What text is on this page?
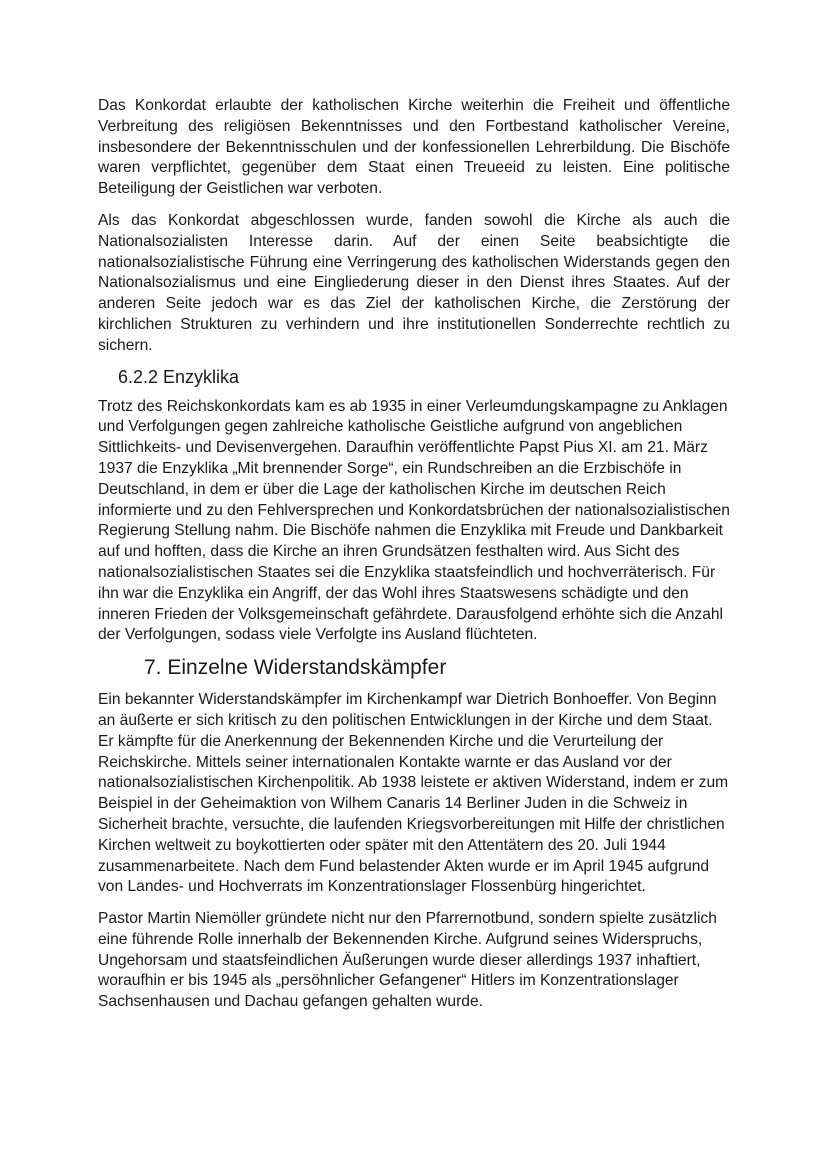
Das Konkordat erlaubte der katholischen Kirche weiterhin die Freiheit und öffentliche Verbreitung des religiösen Bekenntnisses und den Fortbestand katholischer Vereine, insbesondere der Bekenntnisschulen und der konfessionellen Lehrerbildung. Die Bischöfe waren verpflichtet, gegenüber dem Staat einen Treueeid zu leisten. Eine politische Beteiligung der Geistlichen war verboten.

Als das Konkordat abgeschlossen wurde, fanden sowohl die Kirche als auch die Nationalsozialisten Interesse darin. Auf der einen Seite beabsichtigte die nationalsozialistische Führung eine Verringerung des katholischen Widerstands gegen den Nationalsozialismus und eine Eingliederung dieser in den Dienst ihres Staates. Auf der anderen Seite jedoch war es das Ziel der katholischen Kirche, die Zerstörung der kirchlichen Strukturen zu verhindern und ihre institutionellen Sonderrechte rechtlich zu sichern.

6.2.2 Enzyklika

Trotz des Reichskonkordats kam es ab 1935 in einer Verleumdungskampagne zu Anklagen und Verfolgungen gegen zahlreiche katholische Geistliche aufgrund von angeblichen Sittlichkeits- und Devisenvergehen. Daraufhin veröffentlichte Papst Pius XI. am 21. März 1937 die Enzyklika „Mit brennender Sorge“, ein Rundschreiben an die Erzbischöfe in Deutschland, in dem er über die Lage der katholischen Kirche im deutschen Reich informierte und zu den Fehlversprechen und Konkordatsbrüchen der nationalsozialistischen Regierung Stellung nahm. Die Bischöfe nahmen die Enzyklika mit Freude und Dankbarkeit auf und hofften, dass die Kirche an ihren Grundsätzen festhalten wird. Aus Sicht des nationalsozialistischen Staates sei die Enzyklika staatsfeindlich und hochverräterisch. Für ihn war die Enzyklika ein Angriff, der das Wohl ihres Staatswesens schädigte und den inneren Frieden der Volksgemeinschaft gefährdete. Darausfolgend erhöhte sich die Anzahl der Verfolgungen, sodass viele Verfolgte ins Ausland flüchteten.

7. Einzelne Widerstandskämpfer

Ein bekannter Widerstandskämpfer im Kirchenkampf war Dietrich Bonhoeffer. Von Beginn an äußerte er sich kritisch zu den politischen Entwicklungen in der Kirche und dem Staat. Er kämpfte für die Anerkennung der Bekennenden Kirche und die Verurteilung der Reichskirche. Mittels seiner internationalen Kontakte warnte er das Ausland vor der nationalsozialistischen Kirchenpolitik. Ab 1938 leistete er aktiven Widerstand, indem er zum Beispiel in der Geheimaktion von Wilhem Canaris 14 Berliner Juden in die Schweiz in Sicherheit brachte, versuchte, die laufenden Kriegsvorbereitungen mit Hilfe der christlichen Kirchen weltweit zu boykottierten oder später mit den Attentätern des 20. Juli 1944 zusammenarbeitete. Nach dem Fund belastender Akten wurde er im April 1945 aufgrund von Landes- und Hochverrats im Konzentrationslager Flossenbürg hingerichtet.

Pastor Martin Niemöller gründete nicht nur den Pfarrernotbund, sondern spielte zusätzlich eine führende Rolle innerhalb der Bekennenden Kirche. Aufgrund seines Widerspruchs, Ungehorsam und staatsfeindlichen Äußerungen wurde dieser allerdings 1937 inhaftiert, woraufhin er bis 1945 als „persöhnlicher Gefangener“ Hitlers im Konzentrationslager Sachsenhausen und Dachau gefangen gehalten wurde.
